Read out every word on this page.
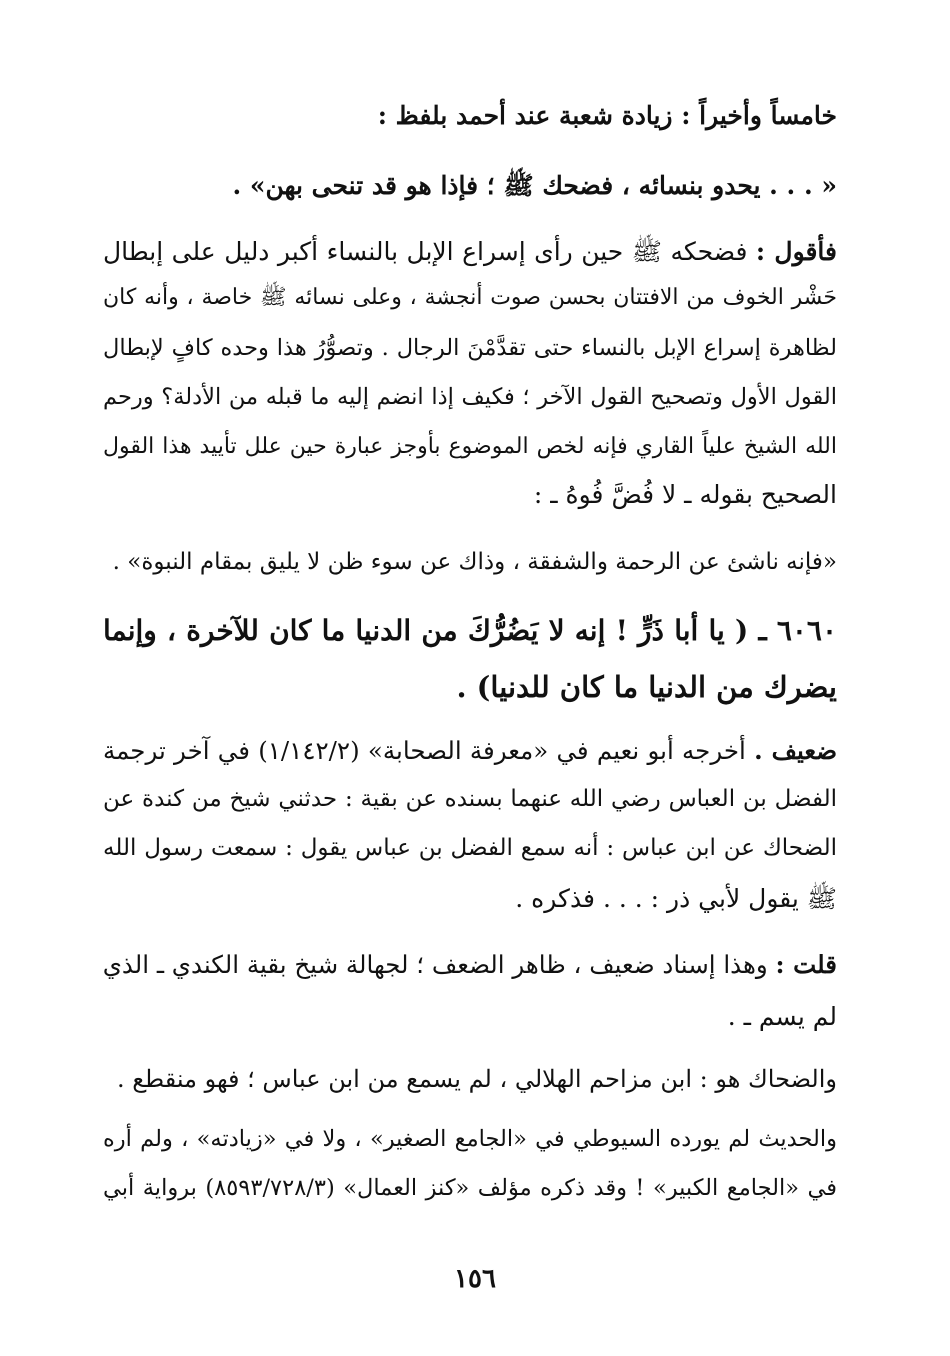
خامساً وأخيراً : زيادة شعبة عند أحمد بلفظ :
« . . . يحدو بنسائه ، فضحك ﷺ ؛ فإذا هو قد تنحى بهن» .
فأقول : فضحكه ﷺ حين رأى إسراع الإبل بالنساء أكبر دليل على إبطال
حَشْر الخوف من الافتتان بحسن صوت أنجشة ، وعلى نسائه ﷺ خاصة ، وأنه كان
لظاهرة إسراع الإبل بالنساء حتى تقدَّمْنَ الرجال . وتصوُّرُ هذا وحده كافٍ لإبطال
القول الأول وتصحيح القول الآخر ؛ فكيف إذا انضم إليه ما قبله من الأدلة؟ ورحم
الله الشيخ علياً القاري فإنه لخص الموضوع بأوجز عبارة حين علل تأييد هذا القول
الصحيح بقوله ـ لا فُضَّ فُوهُ ـ :
«فإنه ناشئ عن الرحمة والشفقة ، وذاك عن سوء ظن لا يليق بمقام النبوة» .
٦٠٦٠ ـ ( يا أبا ذَرٍّ ! إنه لا يَضُرُّكَ من الدنيا ما كان للآخرة ، وإنما
يضرك من الدنيا ما كان للدنيا) .
ضعيف . أخرجه أبو نعيم في «معرفة الصحابة» (١/١٤٢/٢) في آخر ترجمة
الفضل بن العباس رضي الله عنهما بسنده عن بقية : حدثني شيخ من كندة عن
الضحاك عن ابن عباس : أنه سمع الفضل بن عباس يقول : سمعت رسول الله
ﷺ يقول لأبي ذر : . . . فذكره .
قلت : وهذا إسناد ضعيف ، ظاهر الضعف ؛ لجهالة شيخ بقية الكندي ـ الذي
لم يسم ـ .
والضحاك هو : ابن مزاحم الهلالي ، لم يسمع من ابن عباس ؛ فهو منقطع .
والحديث لم يورده السيوطي في «الجامع الصغير» ، ولا في «زيادته» ، ولم أره
في «الجامع الكبير» ! وقد ذكره مؤلف «كنز العمال» (٨٥٩٣/٧٢٨/٣) برواية أبي
١٥٦
